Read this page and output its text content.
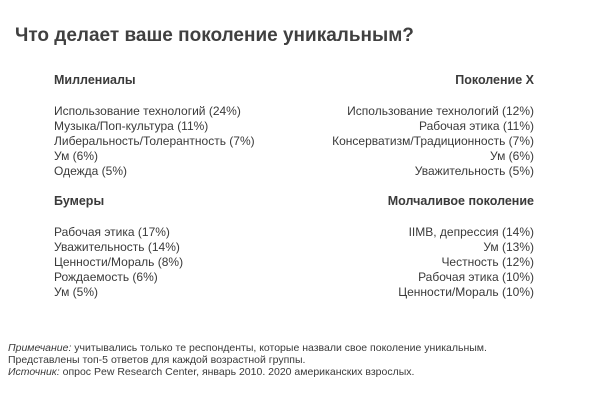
Что делает ваше поколение уникальным?
Миллениалы
Использование технологий (24%)
Музыка/Поп-культура (11%)
Либеральность/Толерантность (7%)
Ум (6%)
Одежда (5%)
Поколение X
Использование технологий (12%)
Рабочая этика (11%)
Консерватизм/Традиционность (7%)
Ум (6%)
Уважительность (5%)
Бумеры
Рабочая этика (17%)
Уважительность (14%)
Ценности/Мораль (8%)
Рождаемость (6%)
Ум (5%)
Молчаливое поколение
IIMB, депрессия (14%)
Ум (13%)
Честность (12%)
Рабочая этика (10%)
Ценности/Мораль (10%)
Примечание: учитывались только те респонденты, которые назвали свое поколение уникальным.
Представлены топ-5 ответов для каждой возрастной группы.
Источник: опрос Pew Research Center, январь 2010. 2020 американских взрослых.
